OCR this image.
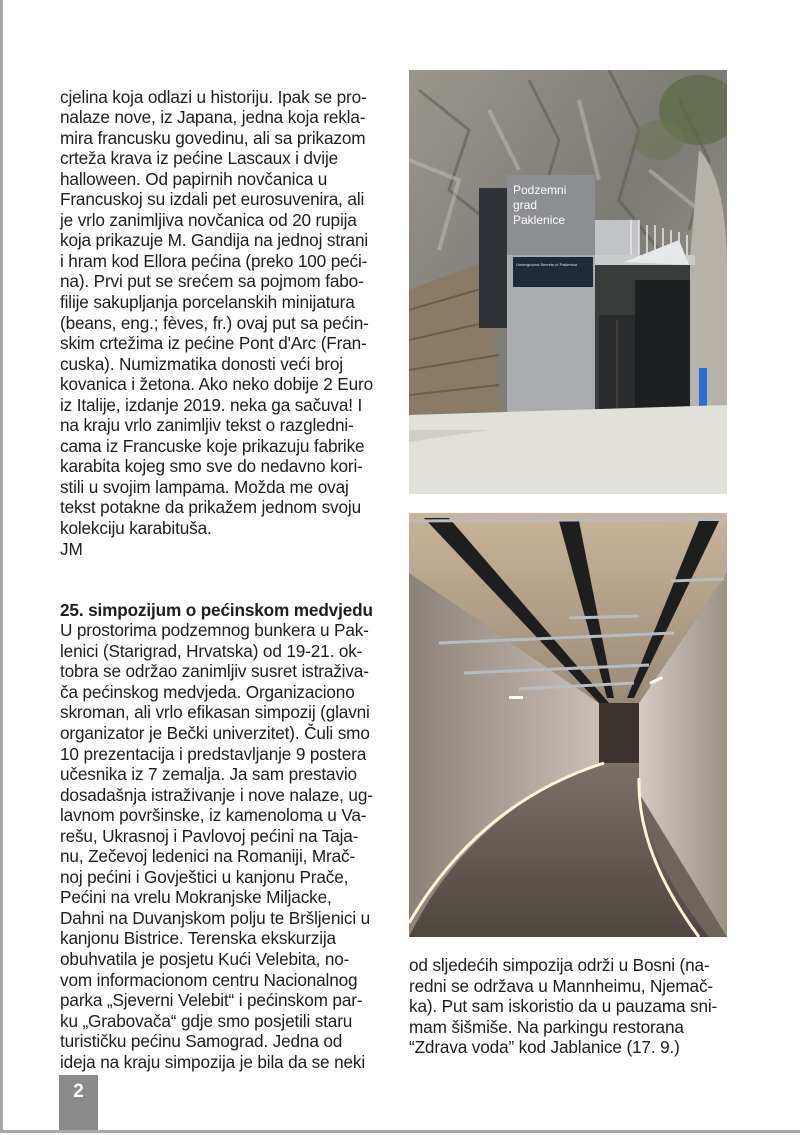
cjelina koja odlazi u historiju. Ipak se pro-
nalaze nove, iz Japana, jedna koja rekla-
mira francusku govedinu, ali sa prikazom
crteža krava iz pećine Lascaux i dvije
halloween. Od papirnih novčanica u
Francuskoj su izdali pet eurosuvenira, ali
je vrlo zanimljiva novčanica od 20 rupija
koja prikazuje M. Gandija na jednoj strani
i hram kod Ellora pećina (preko 100 peći-
na). Prvi put se srećem sa pojmom fabo-
filije sakupljanja porcelanskih minijatura
(beans, eng.; fèves, fr.) ovaj put sa pećin-
skim crtežima iz pećine Pont d'Arc (Fran-
cuska). Numizmatika donosti veći broj
kovanica i žetona. Ako neko dobije 2 Euro
iz Italije, izdanje 2019. neka ga sačuva! I
na kraju vrlo zanimljiv tekst o razgledni-
cama iz Francuske koje prikazuju fabrike
karabita kojeg smo sve do nedavno kori-
stili u svojim lampama. Možda me ovaj
tekst potakne da prikažem jednom svoju
kolekciju karabituša.
JM

25. simpozijum o pećinskom medvjedu
U prostorima podzemnog bunkera u Pak-
lenici (Starigrad, Hrvatska) od 19-21. ok-
tobra se održao zanimljiv susret istraživa-
ča pećinskog medvjeda. Organizaciono
skroman, ali vrlo efikasan simpozij (glavni
organizator je Bečki univerzitet). Čuli smo
10 prezentacija i predstavljanje 9 postera
učesnika iz 7 zemalja. Ja sam prestavio
dosadašnja istraživanje i nove nalaze, ug-
lavnom površinske, iz kamenoloma u Va-
rešu, Ukrasnoj i Pavlovoj pećini na Taja-
nu, Zečevoj ledenici na Romaniji, Mrač-
noj pećini i Govještici u kanjonu Prače,
Pećini na vrelu Mokranjske Miljacke,
Dahni na Duvanjskom polju te Bršljenici u
kanjonu Bistrice. Terenska ekskurzija
obuhvatila je posjetu Kući Velebita, no-
vom informacionom centru Nacionalnog
parka „Sjeverni Velebit“ i pećinskom par-
ku „Grabovača“ gdje smo posjetili staru
turističku pećinu Samograd. Jedna od
ideja na kraju simpozija je bila da se neki

Podzemni
grad
Paklenice
Underground Secrets of Paklenica

od sljedećih simpozija održi u Bosni (na-
redni se održava u Mannheimu, Njemač-
ka). Put sam iskoristio da u pauzama sni-
mam šišmiše. Na parkingu restorana
“Zdrava voda” kod Jablanice (17. 9.)

2
